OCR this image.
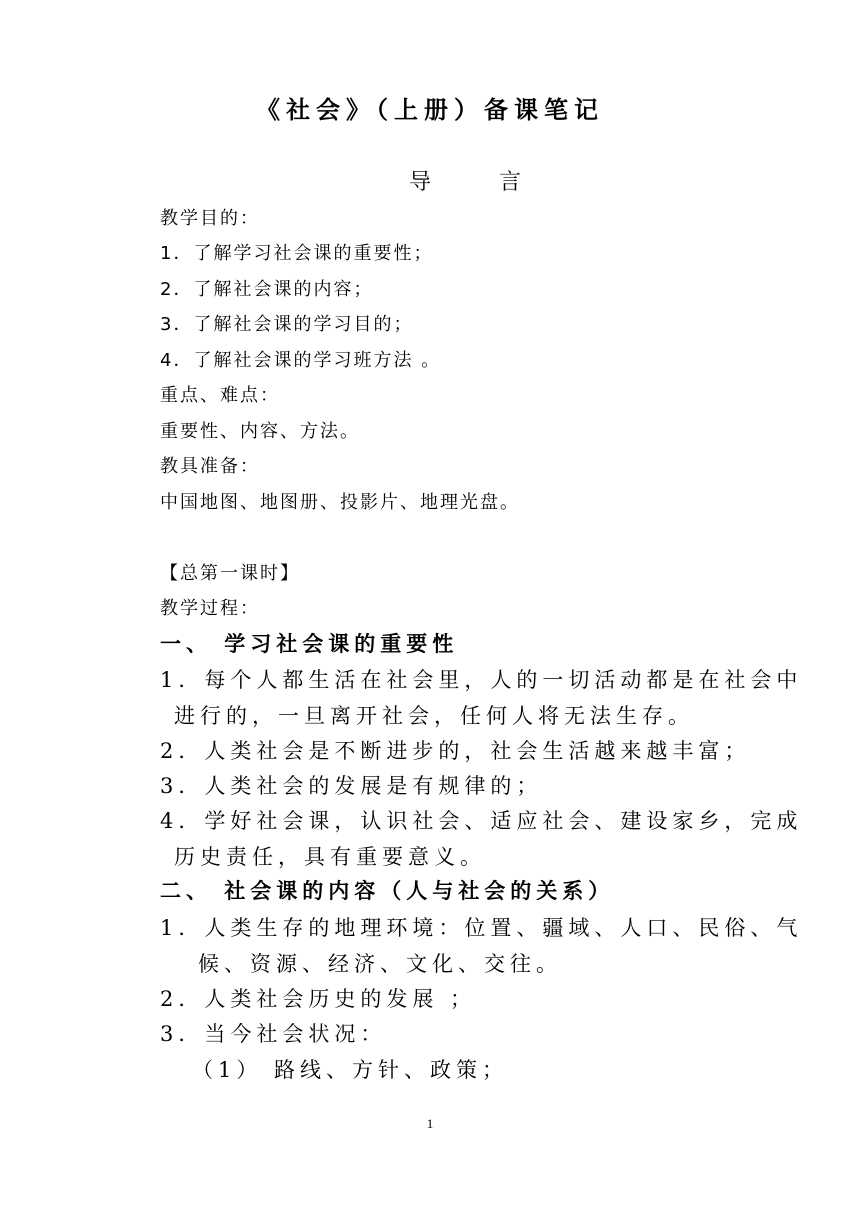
《社会》（上册）备课笔记
导	言
教学目的：
1．了解学习社会课的重要性；
2．了解社会课的内容；
3．了解社会课的学习目的；
4．了解社会课的学习班方法 。
重点、难点：
重要性、内容、方法。
教具准备：
中国地图、地图册、投影片、地理光盘。
【总第一课时】
教学过程：
一、 学习社会课的重要性
1．每个人都生活在社会里，人的一切活动都是在社会中
进行的，一旦离开社会，任何人将无法生存。
2．人类社会是不断进步的，社会生活越来越丰富；
3．人类社会的发展是有规律的；
4．学好社会课，认识社会、适应社会、建设家乡，完成
历史责任，具有重要意义。
二、 社会课的内容（人与社会的关系）
1．人类生存的地理环境：位置、疆域、人口、民俗、气
候、资源、经济、文化、交往。
2．人类社会历史的发展 ；
3．当今社会状况：
（1） 路线、方针、政策；
1
